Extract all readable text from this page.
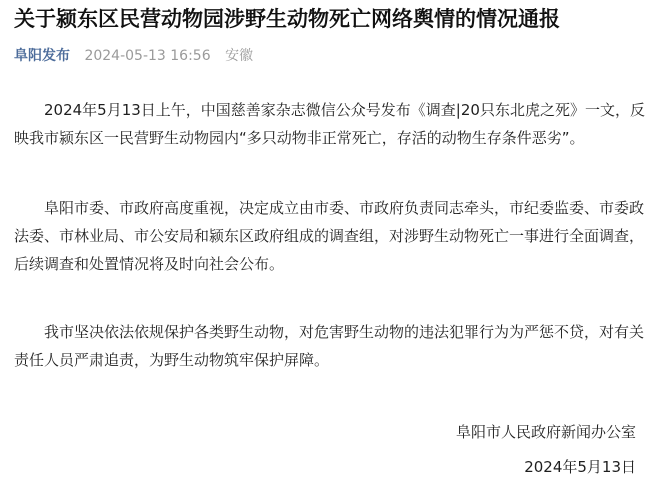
关于颍东区民营动物园涉野生动物死亡网络舆情的情况通报
阜阳发布 2024-05-13 16:56 安徽
2024年5月13日上午，中国慈善家杂志微信公众号发布《调查|20只东北虎之死》一文，反映我市颍东区一民营野生动物园内“多只动物非正常死亡，存活的动物生存条件恶劣”。
阜阳市委、市政府高度重视，决定成立由市委、市政府负责同志牵头，市纪委监委、市委政法委、市林业局、市公安局和颍东区政府组成的调查组，对涉野生动物死亡一事进行全面调查，后续调查和处置情况将及时向社会公布。
我市坚决依法依规保护各类野生动物，对危害野生动物的违法犯罪行为为严惩不贷，对有关责任人员严肃追责，为野生动物筑牢保护屏障。
阜阳市人民政府新闻办公室
2024年5月13日
